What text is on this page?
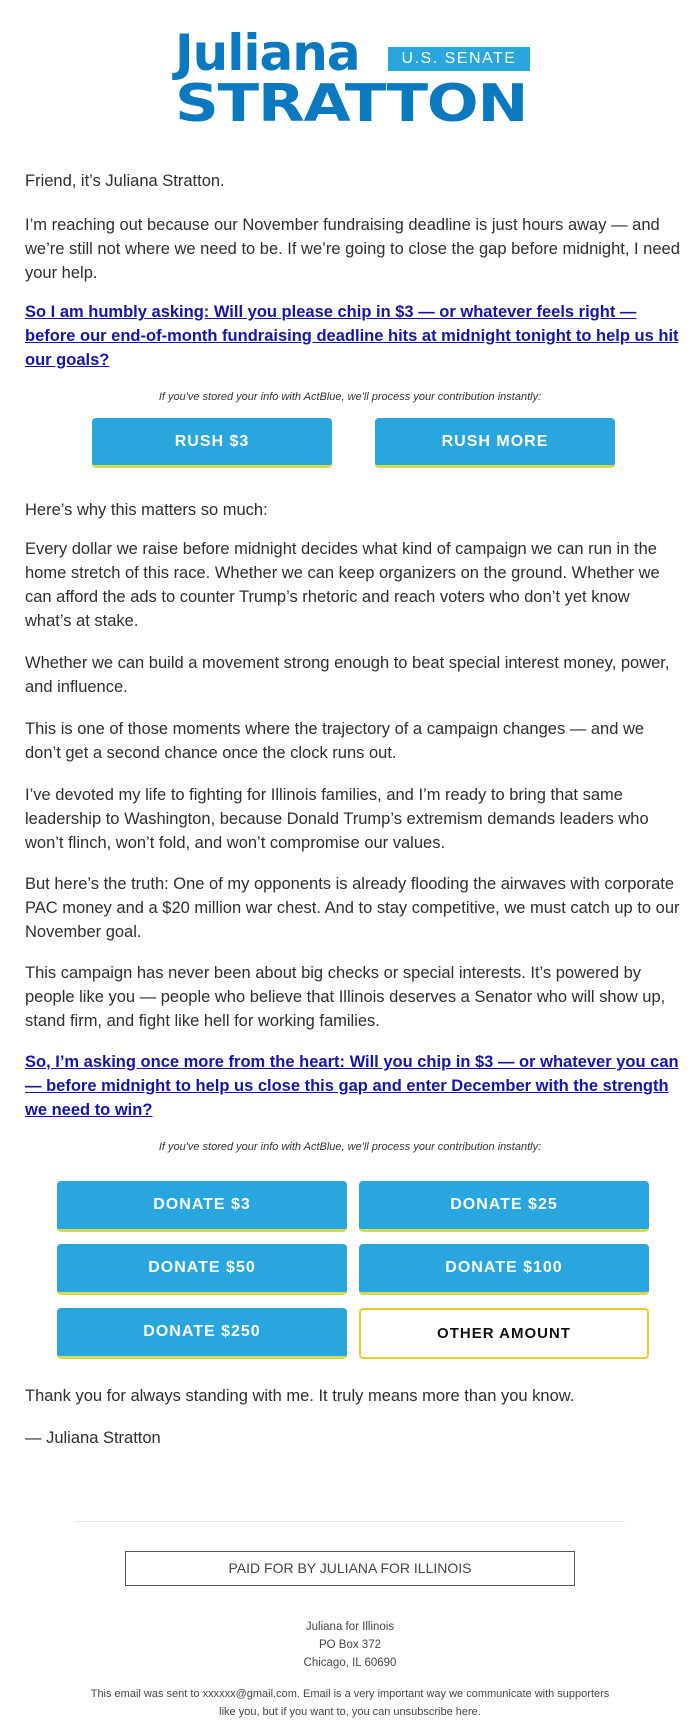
Juliana	U.S. SENATE
STRATTON

Friend, it’s Juliana Stratton.

I’m reaching out because our November fundraising deadline is just hours away — and we’re still not where we need to be. If we’re going to close the gap before midnight, I need your help.

So I am humbly asking: Will you please chip in $3 — or whatever feels right — before our end-of-month fundraising deadline hits at midnight tonight to help us hit our goals?

If you've stored your info with ActBlue, we'll process your contribution instantly:
RUSH $3	RUSH MORE

Here’s why this matters so much:

Every dollar we raise before midnight decides what kind of campaign we can run in the home stretch of this race. Whether we can keep organizers on the ground. Whether we can afford the ads to counter Trump’s rhetoric and reach voters who don’t yet know what’s at stake.

Whether we can build a movement strong enough to beat special interest money, power, and influence.

This is one of those moments where the trajectory of a campaign changes — and we don’t get a second chance once the clock runs out.

I’ve devoted my life to fighting for Illinois families, and I’m ready to bring that same leadership to Washington, because Donald Trump’s extremism demands leaders who won’t flinch, won’t fold, and won’t compromise our values.

But here’s the truth: One of my opponents is already flooding the airwaves with corporate PAC money and a $20 million war chest. And to stay competitive, we must catch up to our November goal.

This campaign has never been about big checks or special interests. It’s powered by people like you — people who believe that Illinois deserves a Senator who will show up, stand firm, and fight like hell for working families.

So, I’m asking once more from the heart: Will you chip in $3 — or whatever you can — before midnight to help us close this gap and enter December with the strength we need to win?

If you've stored your info with ActBlue, we'll process your contribution instantly:
DONATE $3	DONATE $25
DONATE $50	DONATE $100
DONATE $250	OTHER AMOUNT

Thank you for always standing with me. It truly means more than you know.

— Juliana Stratton

PAID FOR BY JULIANA FOR ILLINOIS
Juliana for Illinois
PO Box 372
Chicago, IL 60690
This email was sent to xxxxxx@gmail.com. Email is a very important way we communicate with supporters like you, but if you want to, you can unsubscribe here.
